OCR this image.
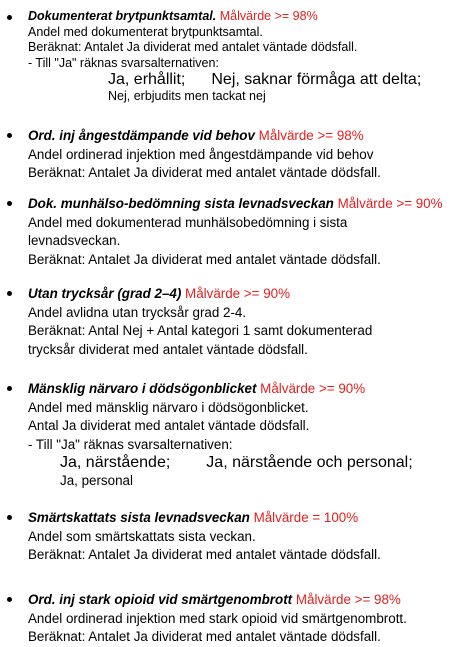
Dokumenterat brytpunktsamtal. Målvärde >= 98%
Andel med dokumenterat brytpunktsamtal.
Beräknat: Antalet Ja dividerat med antalet väntade dödsfall.
- Till "Ja" räknas svarsalternativen:
Ja, erhållit; Nej, saknar förmåga att delta;
Nej, erbjudits men tackat nej
Ord. inj ångestdämpande vid behov Målvärde >= 98%
Andel ordinerad injektion med ångestdämpande vid behov
Beräknat: Antalet Ja dividerat med antalet väntade dödsfall.
Dok. munhälso-bedömning sista levnadsveckan Målvärde >= 90%
Andel med dokumenterad munhälsobedömning i sista
levnadsveckan.
Beräknat: Antalet Ja dividerat med antalet väntade dödsfall.
Utan trycksår (grad 2–4) Målvärde >= 90%
Andel avlidna utan trycksår grad 2-4.
Beräknat: Antal Nej + Antal kategori 1 samt dokumenterad
trycksår dividerat med antalet väntade dödsfall.
Mänsklig närvaro i dödsögonblicket Målvärde >= 90%
Andel med mänsklig närvaro i dödsögonblicket.
Antal Ja dividerat med antalet väntade dödsfall.
- Till "Ja" räknas svarsalternativen:
Ja, närstående; Ja, närstående och personal;
Ja, personal
Smärtskattats sista levnadsveckan Målvärde = 100%
Andel som smärtskattats sista veckan.
Beräknat: Antalet Ja dividerat med antalet väntade dödsfall.
Ord. inj stark opioid vid smärtgenombrott Målvärde >= 98%
Andel ordinerad injektion med stark opioid vid smärtgenombrott.
Beräknat: Antalet Ja dividerat med antalet väntade dödsfall.
